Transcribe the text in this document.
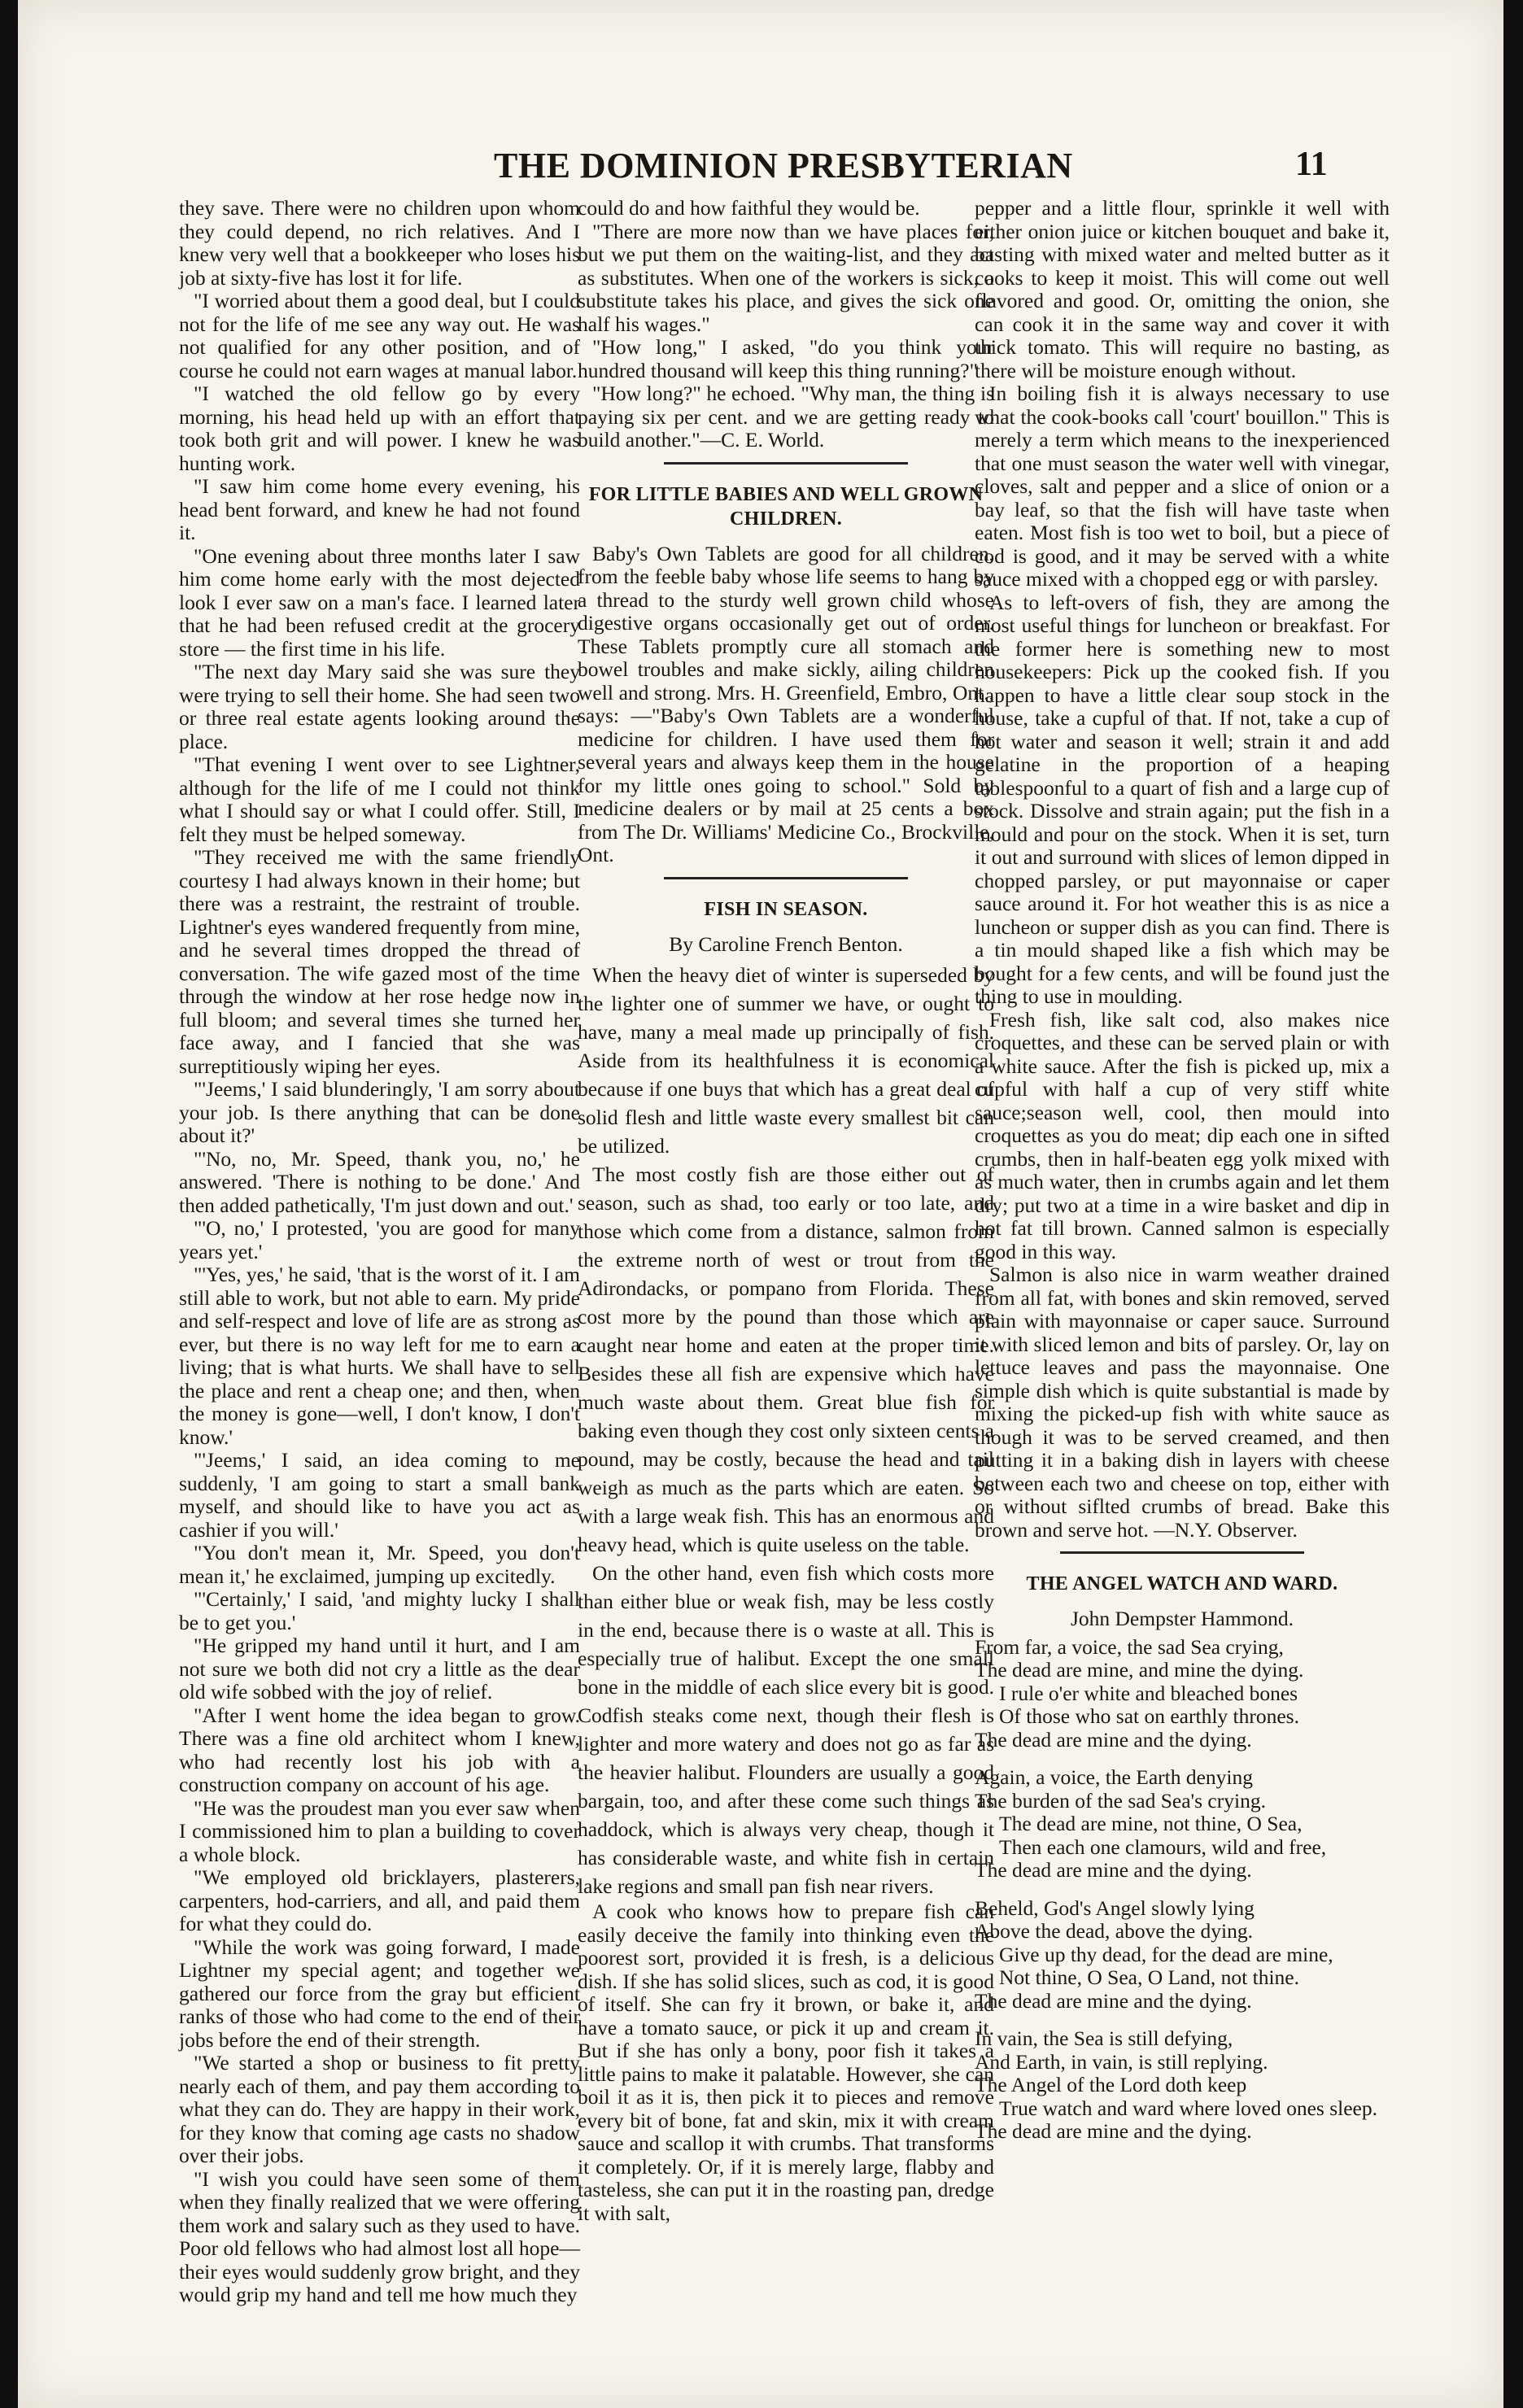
THE DOMINION PRESBYTERIAN	11

they save. There were no children upon whom they could depend, no rich relatives. And I knew very well that a bookkeeper who loses his job at sixty-five has lost it for life.

"I worried about them a good deal, but I could not for the life of me see any way out. He was not qualified for any other position, and of course he could not earn wages at manual labor.

"I watched the old fellow go by every morning, his head held up with an effort that took both grit and will power. I knew he was hunting work.

"I saw him come home every evening, his head bent forward, and knew he had not found it.

"One evening about three months later I saw him come home early with the most dejected look I ever saw on a man's face. I learned later that he had been refused credit at the grocery store — the first time in his life.

"The next day Mary said she was sure they were trying to sell their home. She had seen two or three real estate agents looking around the place.

"That evening I went over to see Lightner, although for the life of me I could not think what I should say or what I could offer. Still, I felt they must be helped someway.

"They received me with the same friendly courtesy I had always known in their home; but there was a restraint, the restraint of trouble. Lightner's eyes wandered frequently from mine, and he several times dropped the thread of conversation. The wife gazed most of the time through the window at her rose hedge now in full bloom; and several times she turned her face away, and I fancied that she was surreptitiously wiping her eyes.

"'Jeems,' I said blunderingly, 'I am sorry about your job. Is there anything that can be done about it?'

"'No, no, Mr. Speed, thank you, no,' he answered. 'There is nothing to be done.' And then added pathetically, 'I'm just down and out.'

"'O, no,' I protested, 'you are good for many years yet.'

"'Yes, yes,' he said, 'that is the worst of it. I am still able to work, but not able to earn. My pride and self-respect and love of life are as strong as ever, but there is no way left for me to earn a living; that is what hurts. We shall have to sell the place and rent a cheap one; and then, when the money is gone—well, I don't know, I don't know.'

"'Jeems,' I said, an idea coming to me suddenly, 'I am going to start a small bank myself, and should like to have you act as cashier if you will.'

"You don't mean it, Mr. Speed, you don't mean it,' he exclaimed, jumping up excitedly.

"'Certainly,' I said, 'and mighty lucky I shall be to get you.'

"He gripped my hand until it hurt, and I am not sure we both did not cry a little as the dear old wife sobbed with the joy of relief.

"After I went home the idea began to grow. There was a fine old architect whom I knew, who had recently lost his job with a construction company on account of his age.

"He was the proudest man you ever saw when I commissioned him to plan a building to cover a whole block.

"We employed old bricklayers, plasterers, carpenters, hod-carriers, and all, and paid them for what they could do.

"While the work was going forward, I made Lightner my special agent; and together we gathered our force from the gray but efficient ranks of those who had come to the end of their jobs before the end of their strength.

"We started a shop or business to fit pretty nearly each of them, and pay them according to what they can do. They are happy in their work, for they know that coming age casts no shadow over their jobs.

"I wish you could have seen some of them when they finally realized that we were offering them work and salary such as they used to have. Poor old fellows who had almost lost all hope—their eyes would suddenly grow bright, and they would grip my hand and tell me how much they

could do and how faithful they would be.

"There are more now than we have places for, but we put them on the waiting-list, and they act as substitutes. When one of the workers is sick, a substitute takes his place, and gives the sick one half his wages."

"How long," I asked, "do you think your hundred thousand will keep this thing running?"

"How long?" he echoed. "Why man, the thing is paying six per cent. and we are getting ready to build another."—C. E. World.

FOR LITTLE BABIES AND WELL GROWN CHILDREN.

Baby's Own Tablets are good for all children, from the feeble baby whose life seems to hang by a thread to the sturdy well grown child whose digestive organs occasionally get out of order. These Tablets promptly cure all stomach and bowel troubles and make sickly, ailing children well and strong. Mrs. H. Greenfield, Embro, Ont., says: —"Baby's Own Tablets are a wonderful medicine for children. I have used them for several years and always keep them in the house for my little ones going to school." Sold by medicine dealers or by mail at 25 cents a box from The Dr. Williams' Medicine Co., Brockville, Ont.

FISH IN SEASON.
By Caroline French Benton.

When the heavy diet of winter is superseded by the lighter one of summer we have, or ought to have, many a meal made up principally of fish. Aside from its healthfulness it is economical because if one buys that which has a great deal of solid flesh and little waste every smallest bit can be utilized.

The most costly fish are those either out of season, such as shad, too early or too late, and those which come from a distance, salmon from the extreme north of west or trout from the Adirondacks, or pompano from Florida. These cost more by the pound than those which are caught near home and eaten at the proper time. Besides these all fish are expensive which have much waste about them. Great blue fish for baking even though they cost only sixteen cents a pound, may be costly, because the head and tail weigh as much as the parts which are eaten. So with a large weak fish. This has an enormous and heavy head, which is quite useless on the table.

On the other hand, even fish which costs more than either blue or weak fish, may be less costly in the end, because there is o waste at all. This is especially true of halibut. Except the one small bone in the middle of each slice every bit is good. Codfish steaks come next, though their flesh is lighter and more watery and does not go as far as the heavier halibut. Flounders are usually a good bargain, too, and after these come such things as haddock, which is always very cheap, though it has considerable waste, and white fish in certain lake regions and small pan fish near rivers.

A cook who knows how to prepare fish can easily deceive the family into thinking even the poorest sort, provided it is fresh, is a delicious dish. If she has solid slices, such as cod, it is good of itself. She can fry it brown, or bake it, and have a tomato sauce, or pick it up and cream it. But if she has only a bony, poor fish it takes a little pains to make it palatable. However, she can boil it as it is, then pick it to pieces and remove every bit of bone, fat and skin, mix it with cream sauce and scallop it with crumbs. That transforms it completely. Or, if it is merely large, flabby and tasteless, she can put it in the roasting pan, dredge it with salt,

pepper and a little flour, sprinkle it well with either onion juice or kitchen bouquet and bake it, basting with mixed water and melted butter as it cooks to keep it moist. This will come out well flavored and good. Or, omitting the onion, she can cook it in the same way and cover it with thick tomato. This will require no basting, as there will be moisture enough without.

In boiling fish it is always necessary to use what the cook-books call 'court' bouillon." This is merely a term which means to the inexperienced that one must season the water well with vinegar, cloves, salt and pepper and a slice of onion or a bay leaf, so that the fish will have taste when eaten. Most fish is too wet to boil, but a piece of cod is good, and it may be served with a white sauce mixed with a chopped egg or with parsley.

As to left-overs of fish, they are among the most useful things for luncheon or breakfast. For the former here is something new to most housekeepers: Pick up the cooked fish. If you happen to have a little clear soup stock in the house, take a cupful of that. If not, take a cup of hot water and season it well; strain it and add gelatine in the proportion of a heaping tablespoonful to a quart of fish and a large cup of stock. Dissolve and strain again; put the fish in a mould and pour on the stock. When it is set, turn it out and surround with slices of lemon dipped in chopped parsley, or put mayonnaise or caper sauce around it. For hot weather this is as nice a luncheon or supper dish as you can find. There is a tin mould shaped like a fish which may be bought for a few cents, and will be found just the thing to use in moulding.

Fresh fish, like salt cod, also makes nice croquettes, and these can be served plain or with a white sauce. After the fish is picked up, mix a cupful with half a cup of very stiff white sauce;season well, cool, then mould into croquettes as you do meat; dip each one in sifted crumbs, then in half-beaten egg yolk mixed with as much water, then in crumbs again and let them dry; put two at a time in a wire basket and dip in hot fat till brown. Canned salmon is especially good in this way.

Salmon is also nice in warm weather drained from all fat, with bones and skin removed, served plain with mayonnaise or caper sauce. Surround it with sliced lemon and bits of parsley. Or, lay on lettuce leaves and pass the mayonnaise. One simple dish which is quite substantial is made by mixing the picked-up fish with white sauce as though it was to be served creamed, and then putting it in a baking dish in layers with cheese between each two and cheese on top, either with or without siflted crumbs of bread. Bake this brown and serve hot. —N.Y. Observer.

THE ANGEL WATCH AND WARD.
John Dempster Hammond.
From far, a voice, the sad Sea crying,
The dead are mine, and mine the dying.
I rule o'er white and bleached bones
Of those who sat on earthly thrones.
The dead are mine and the dying.
Again, a voice, the Earth denying
The burden of the sad Sea's crying.
The dead are mine, not thine, O Sea,
Then each one clamours, wild and free,
The dead are mine and the dying.
Beheld, God's Angel slowly lying
Above the dead, above the dying.
Give up thy dead, for the dead are mine,
Not thine, O Sea, O Land, not thine.
The dead are mine and the dying.
In vain, the Sea is still defying,
And Earth, in vain, is still replying.
The Angel of the Lord doth keep
True watch and ward where loved ones sleep.
The dead are mine and the dying.
